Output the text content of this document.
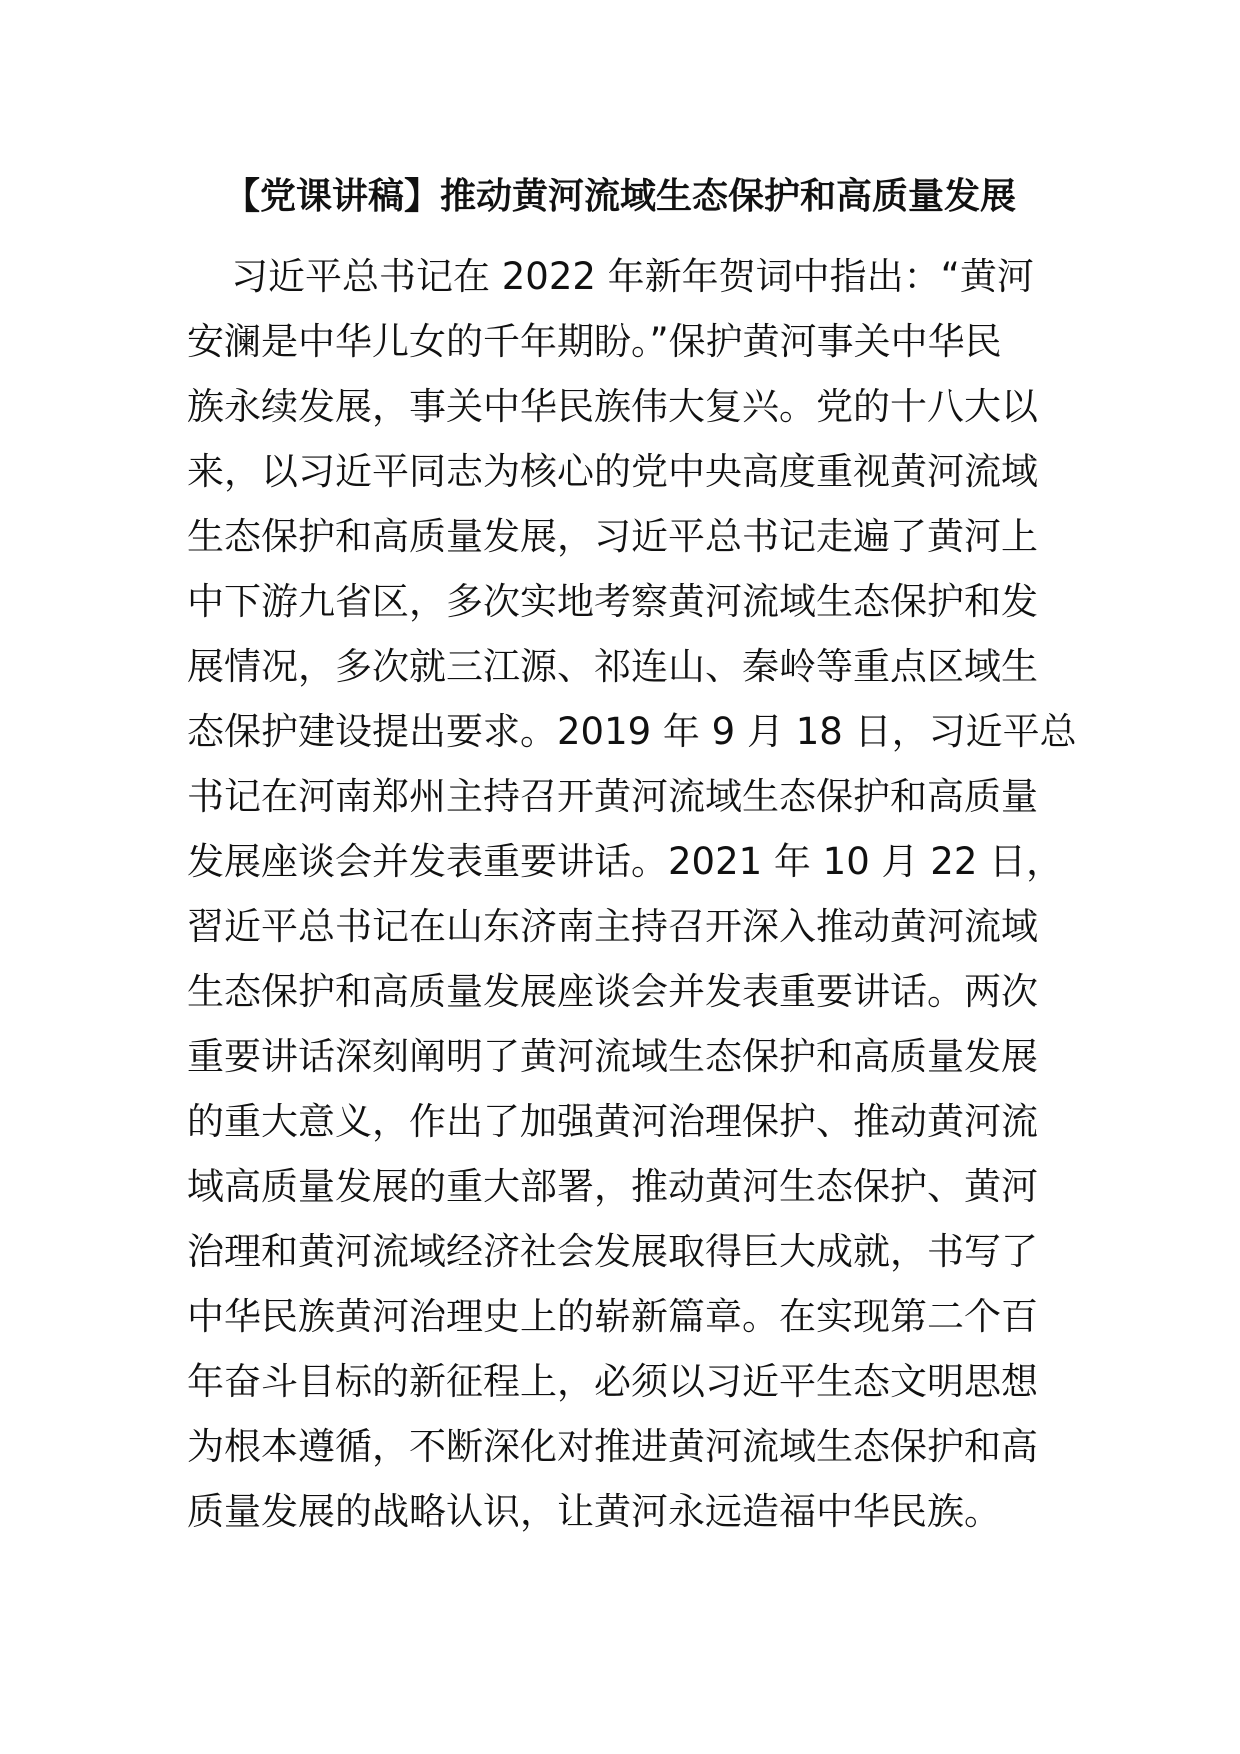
【党课讲稿】推动黄河流域生态保护和高质量发展
习近平总书记在 2022 年新年贺词中指出：“黄河
安澜是中华儿女的千年期盼。”保护黄河事关中华民
族永续发展，事关中华民族伟大复兴。党的十八大以
来，以习近平同志为核心的党中央高度重视黄河流域
生态保护和高质量发展，习近平总书记走遍了黄河上
中下游九省区，多次实地考察黄河流域生态保护和发
展情况，多次就三江源、祁连山、秦岭等重点区域生
态保护建设提出要求。2019 年 9 月 18 日，习近平总
书记在河南郑州主持召开黄河流域生态保护和高质量
发展座谈会并发表重要讲话。2021 年 10 月 22 日，
習近平总书记在山东济南主持召开深入推动黄河流域
生态保护和高质量发展座谈会并发表重要讲话。两次
重要讲话深刻阐明了黄河流域生态保护和高质量发展
的重大意义，作出了加强黄河治理保护、推动黄河流
域高质量发展的重大部署，推动黄河生态保护、黄河
治理和黄河流域经济社会发展取得巨大成就，书写了
中华民族黄河治理史上的崭新篇章。在实现第二个百
年奋斗目标的新征程上，必须以习近平生态文明思想
为根本遵循，不断深化对推进黄河流域生态保护和高
质量发展的战略认识，让黄河永远造福中华民族。
